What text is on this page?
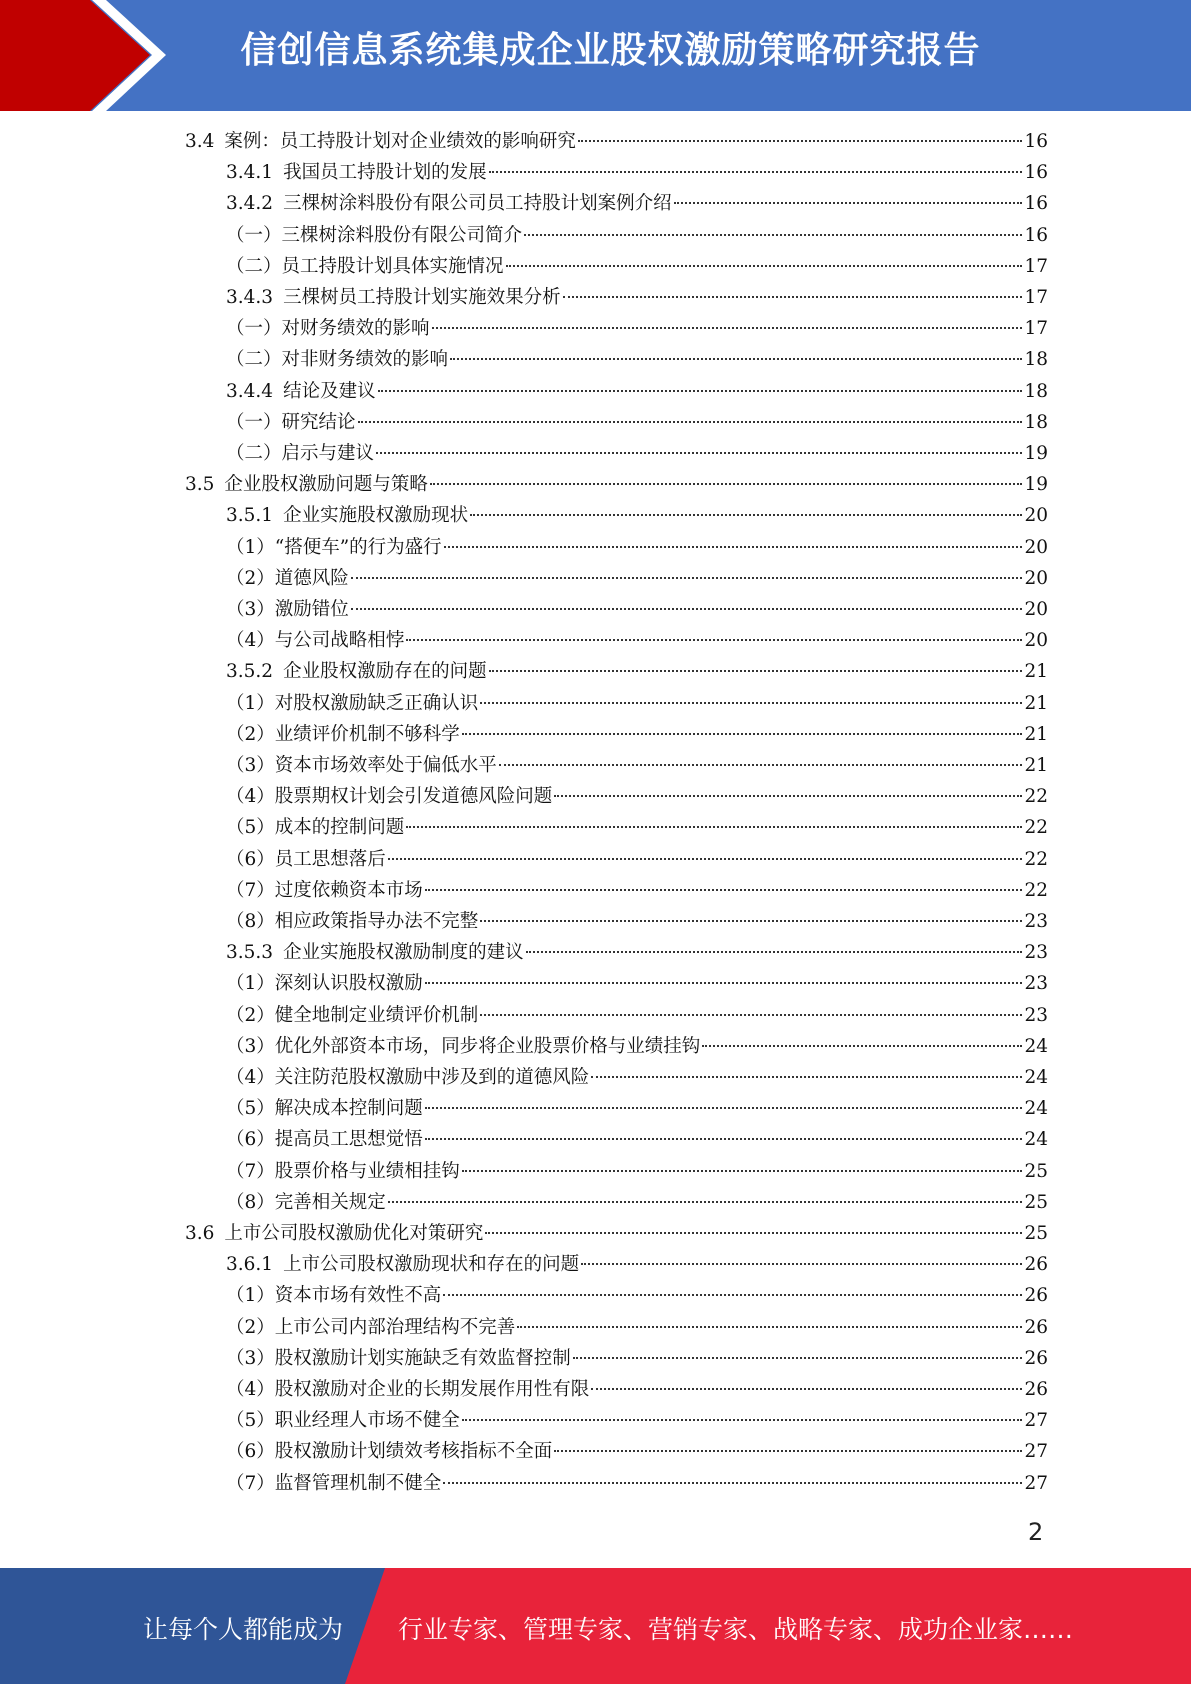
信创信息系统集成企业股权激励策略研究报告
3.4 案例：员工持股计划对企业绩效的影响研究	16
3.4.1 我国员工持股计划的发展	16
3.4.2 三棵树涂料股份有限公司员工持股计划案例介绍	16
（一）三棵树涂料股份有限公司简介	16
（二）员工持股计划具体实施情况	17
3.4.3 三棵树员工持股计划实施效果分析	17
（一）对财务绩效的影响	17
（二）对非财务绩效的影响	18
3.4.4 结论及建议	18
（一）研究结论	18
（二）启示与建议	19
3.5 企业股权激励问题与策略	19
3.5.1 企业实施股权激励现状	20
（1）“搭便车”的行为盛行	20
（2）道德风险	20
（3）激励错位	20
（4）与公司战略相悖	20
3.5.2 企业股权激励存在的问题	21
（1）对股权激励缺乏正确认识	21
（2）业绩评价机制不够科学	21
（3）资本市场效率处于偏低水平	21
（4）股票期权计划会引发道德风险问题	22
（5）成本的控制问题	22
（6）员工思想落后	22
（7）过度依赖资本市场	22
（8）相应政策指导办法不完整	23
3.5.3 企业实施股权激励制度的建议	23
（1）深刻认识股权激励	23
（2）健全地制定业绩评价机制	23
（3）优化外部资本市场，同步将企业股票价格与业绩挂钩	24
（4）关注防范股权激励中涉及到的道德风险	24
（5）解决成本控制问题	24
（6）提高员工思想觉悟	24
（7）股票价格与业绩相挂钩	25
（8）完善相关规定	25
3.6 上市公司股权激励优化对策研究	25
3.6.1 上市公司股权激励现状和存在的问题	26
（1）资本市场有效性不高	26
（2）上市公司内部治理结构不完善	26
（3）股权激励计划实施缺乏有效监督控制	26
（4）股权激励对企业的长期发展作用性有限	26
（5）职业经理人市场不健全	27
（6）股权激励计划绩效考核指标不全面	27
（7）监督管理机制不健全	27
2
让每个人都能成为 行业专家、管理专家、营销专家、战略专家、成功企业家……
